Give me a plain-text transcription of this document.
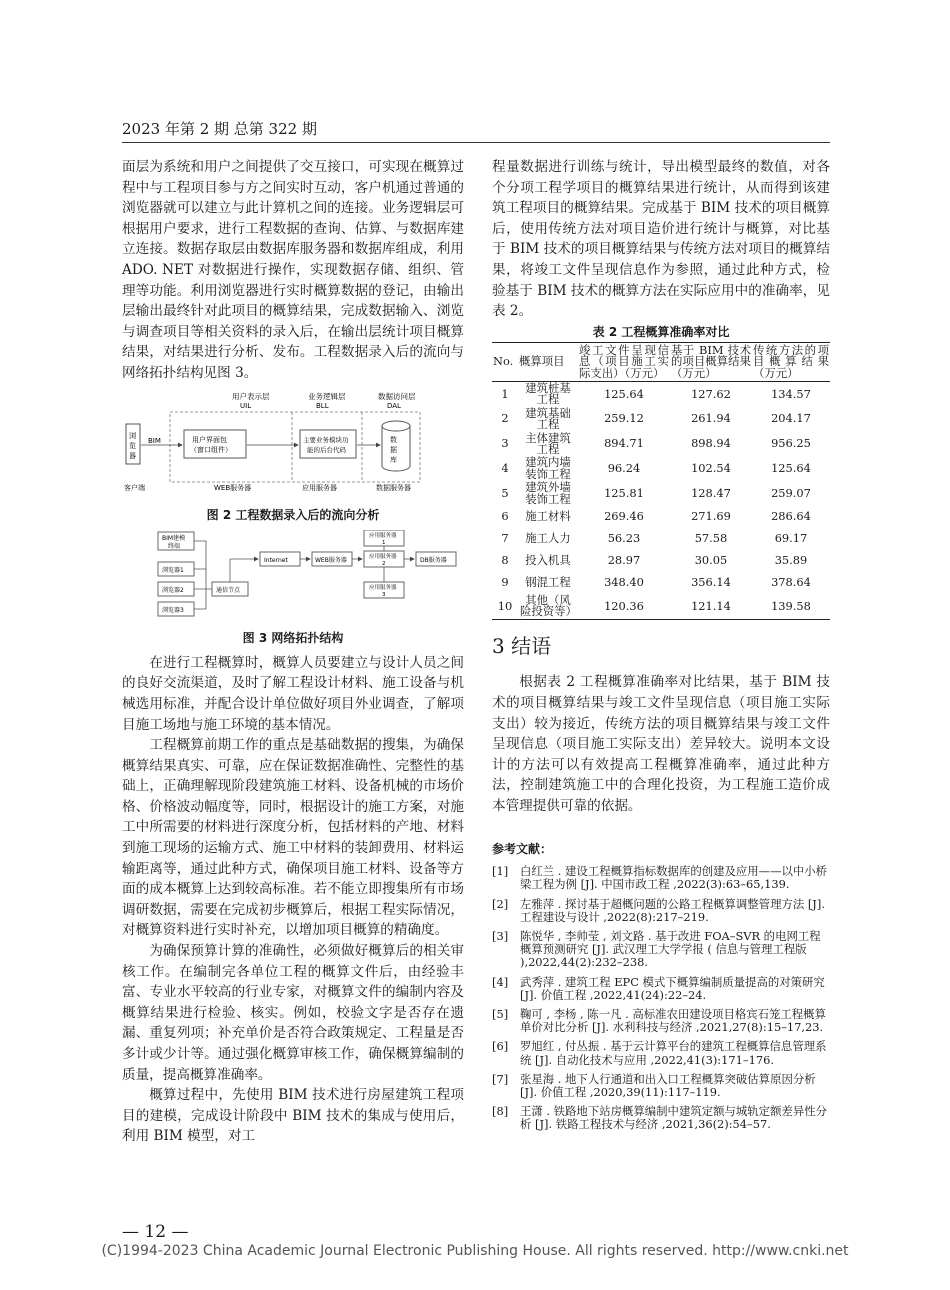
2023 年第 2 期 总第 322 期

面层为系统和用户之间提供了交互接口，可实现在概算过程中与工程项目参与方之间实时互动，客户机通过普通的浏览器就可以建立与此计算机之间的连接。业务逻辑层可根据用户要求，进行工程数据的查询、估算、与数据库建立连接。数据存取层由数据库服务器和数据库组成，利用 ADO. NET 对数据进行操作，实现数据存储、组织、管理等功能。利用浏览器进行实时概算数据的登记，由输出层输出最终针对此项目的概算结果，完成数据输入、浏览与调查项目等相关资料的录入后，在输出层统计项目概算结果，对结果进行分析、发布。工程数据录入后的流向与网络拓扑结构见图 3。

用户表示层
UIL
业务逻辑层
BLL
数据访问层
DAL
浏
览
器
BIM	用户界面包
（窗口组件）
主要业务模块功
能的后台代码
数
据
库
客户端	WEB服务器	应用服务器	数据服务器
图 2 工程数据录入后的流向分析
BIM建模
终端
浏览器1
浏览器2
浏览器3
通信节点
Internet	WEB服务器
应用服务器
1
应用服务器
2
应用服务器
3
DB服务器
图 3 网络拓扑结构

在进行工程概算时，概算人员要建立与设计人员之间的良好交流渠道，及时了解工程设计材料、施工设备与机械选用标准，并配合设计单位做好项目外业调查，了解项目施工场地与施工环境的基本情况。

工程概算前期工作的重点是基础数据的搜集，为确保概算结果真实、可靠，应在保证数据准确性、完整性的基础上，正确理解现阶段建筑施工材料、设备机械的市场价格、价格波动幅度等，同时，根据设计的施工方案，对施工中所需要的材料进行深度分析，包括材料的产地、材料到施工现场的运输方式、施工中材料的装卸费用、材料运输距离等，通过此种方式，确保项目施工材料、设备等方面的成本概算上达到较高标准。若不能立即搜集所有市场调研数据，需要在完成初步概算后，根据工程实际情况，对概算资料进行实时补充，以增加项目概算的精确度。

为确保预算计算的准确性，必须做好概算后的相关审核工作。在编制完各单位工程的概算文件后，由经验丰富、专业水平较高的行业专家，对概算文件的编制内容及概算结果进行检验、核实。例如，校验文字是否存在遗漏、重复列项；补充单价是否符合政策规定、工程量是否多计或少计等。通过强化概算审核工作，确保概算编制的质量，提高概算准确率。

概算过程中，先使用 BIM 技术进行房屋建筑工程项目的建模，完成设计阶段中 BIM 技术的集成与使用后，利用 BIM 模型，对工

程量数据进行训练与统计，导出模型最终的数值，对各个分项工程学项目的概算结果进行统计，从而得到该建筑工程项目的概算结果。完成基于 BIM 技术的项目概算后，使用传统方法对项目造价进行统计与概算，对比基于 BIM 技术的项目概算结果与传统方法对项目的概算结果，将竣工文件呈现信息作为参照，通过此种方式，检验基于 BIM 技术的概算方法在实际应用中的准确率，见表 2。

表 2 工程概算准确率对比
No.	概算项目	竣工文件呈现信息（项目施工实际支出）（万元）	基于 BIM 技术的项目概算结果（万元）	传统方法的项目概算结果（万元）
1	建筑桩基工程	125.64	127.62	134.57
2	建筑基础工程	259.12	261.94	204.17
3	主体建筑工程	894.71	898.94	956.25
4	建筑内墙装饰工程	96.24	102.54	125.64
5	建筑外墙装饰工程	125.81	128.47	259.07
6	施工材料	269.46	271.69	286.64
7	施工人力	56.23	57.58	69.17
8	投入机具	28.97	30.05	35.89
9	钢混工程	348.40	356.14	378.64
10	其他（风险投资等）	120.36	121.14	139.58
3 结语

根据表 2 工程概算准确率对比结果，基于 BIM 技术的项目概算结果与竣工文件呈现信息（项目施工实际支出）较为接近，传统方法的项目概算结果与竣工文件呈现信息（项目施工实际支出）差异较大。说明本文设计的方法可以有效提高工程概算准确率，通过此种方法，控制建筑施工中的合理化投资，为工程施工造价成本管理提供可靠的依据。

参考文献：
[1]	白红兰 . 建设工程概算指标数据库的创建及应用——以中小桥梁工程为例 [J]. 中国市政工程 ,2022(3):63–65,139.
[2]	左雅萍 . 探讨基于超概问题的公路工程概算调整管理方法 [J]. 工程建设与设计 ,2022(8):217–219.
[3]	陈悦华 , 李帅莹 , 刘文路 . 基于改进 FOA–SVR 的电网工程概算预测研究 [J]. 武汉理工大学学报 ( 信息与管理工程版 ),2022,44(2):232–238.
[4]	武秀萍 . 建筑工程 EPC 模式下概算编制质量提高的对策研究 [J]. 价值工程 ,2022,41(24):22–24.
[5]	鞠可 , 李杨 , 陈一凡 . 高标准农田建设项目格宾石笼工程概算单价对比分析 [J]. 水利科技与经济 ,2021,27(8):15–17,23.
[6]	罗旭红 , 付丛振 . 基于云计算平台的建筑工程概算信息管理系统 [J]. 自动化技术与应用 ,2022,41(3):171–176.
[7]	张星海 . 地下人行通道和出入口工程概算突破估算原因分析 [J]. 价值工程 ,2020,39(11):117–119.
[8]	王潇 . 铁路地下站房概算编制中建筑定额与城轨定额差异性分析 [J]. 铁路工程技术与经济 ,2021,36(2):54–57.
— 12 —
(C)1994-2023 China Academic Journal Electronic Publishing House. All rights reserved. http://www.cnki.net
